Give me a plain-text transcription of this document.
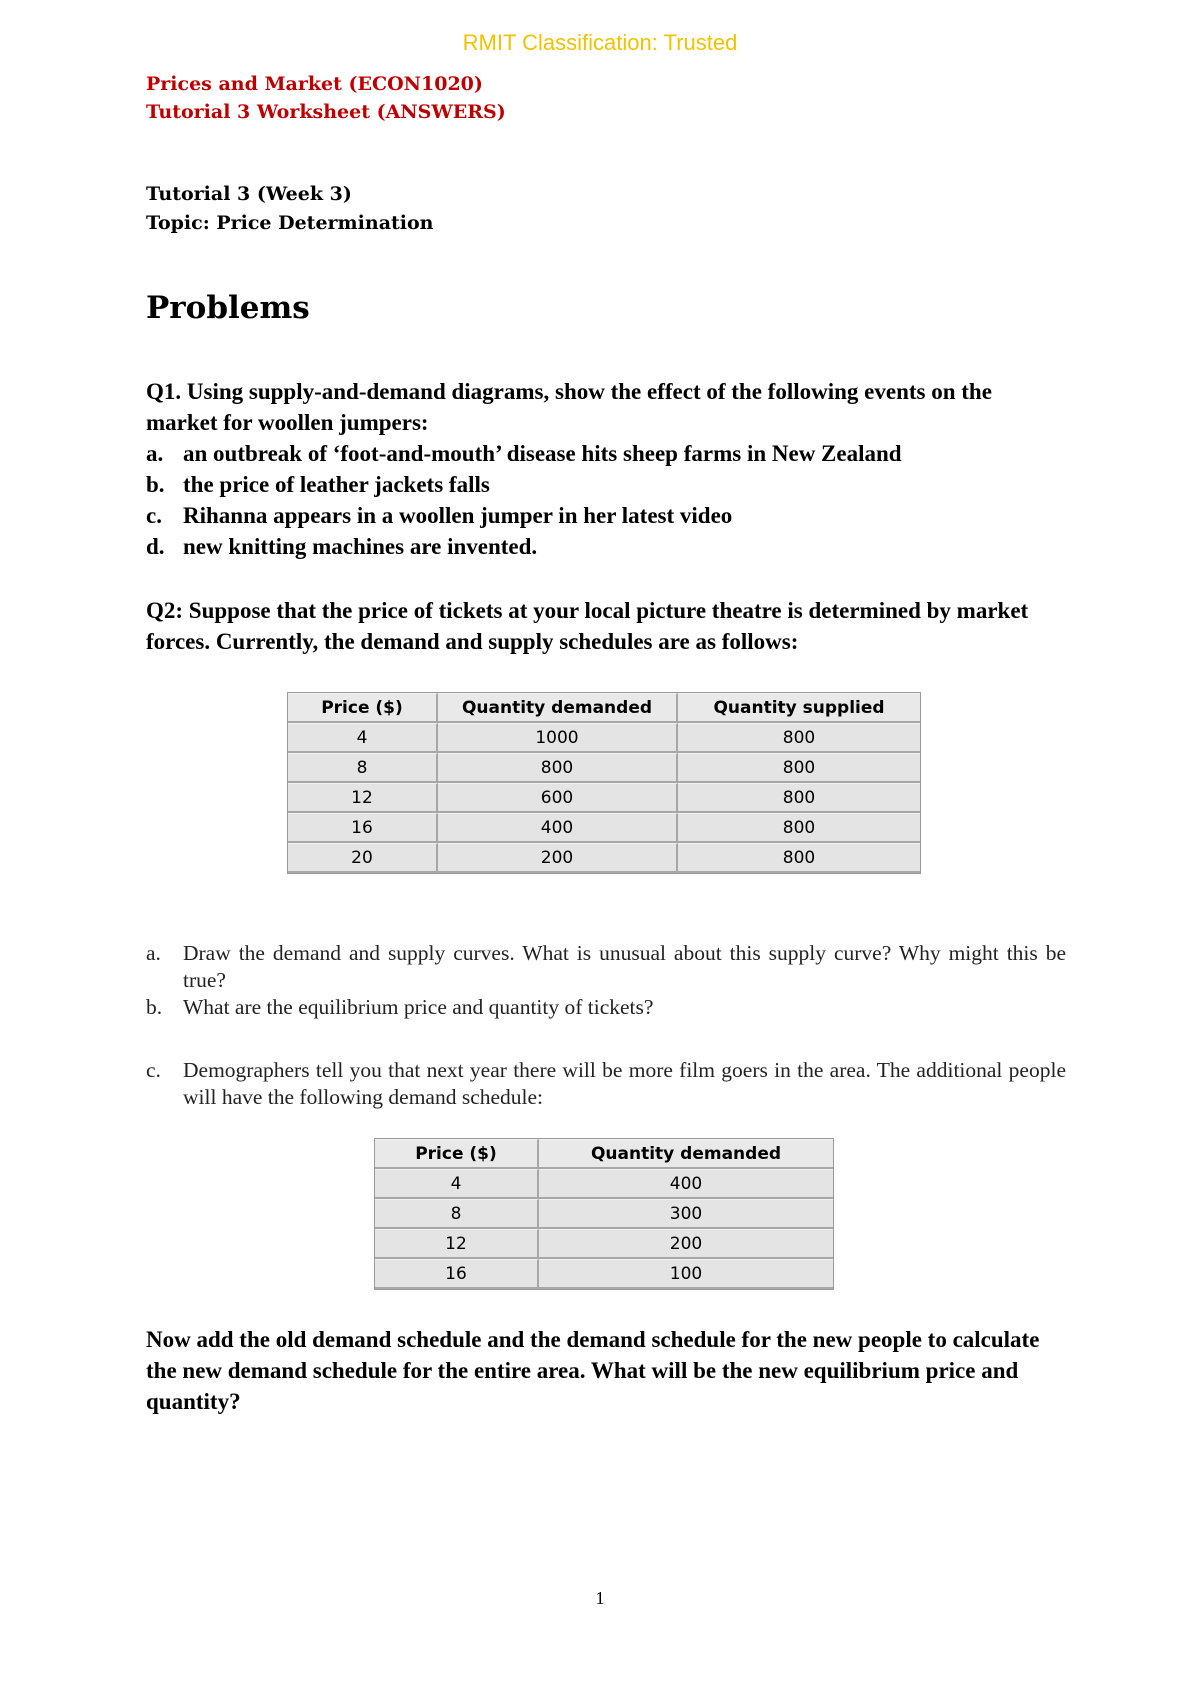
RMIT Classification: Trusted
Prices and Market (ECON1020)
Tutorial 3 Worksheet (ANSWERS)
Tutorial 3 (Week 3)
Topic: Price Determination
Problems
Q1. Using supply-and-demand diagrams, show the effect of the following events on the market for woollen jumpers:
a. an outbreak of ‘foot-and-mouth’ disease hits sheep farms in New Zealand
b. the price of leather jackets falls
c. Rihanna appears in a woollen jumper in her latest video
d. new knitting machines are invented.
Q2: Suppose that the price of tickets at your local picture theatre is determined by market forces. Currently, the demand and supply schedules are as follows:
Price ($)	Quantity demanded	Quantity supplied
4	1000	800
8	800	800
12	600	800
16	400	800
20	200	800
a.	Draw the demand and supply curves. What is unusual about this supply curve? Why might this be true?
b. What are the equilibrium price and quantity of tickets?
c.	Demographers tell you that next year there will be more film goers in the area. The additional people will have the following demand schedule:
Price ($)	Quantity demanded
4	400
8	300
12	200
16	100
Now add the old demand schedule and the demand schedule for the new people to calculate the new demand schedule for the entire area. What will be the new equilibrium price and quantity?
1
